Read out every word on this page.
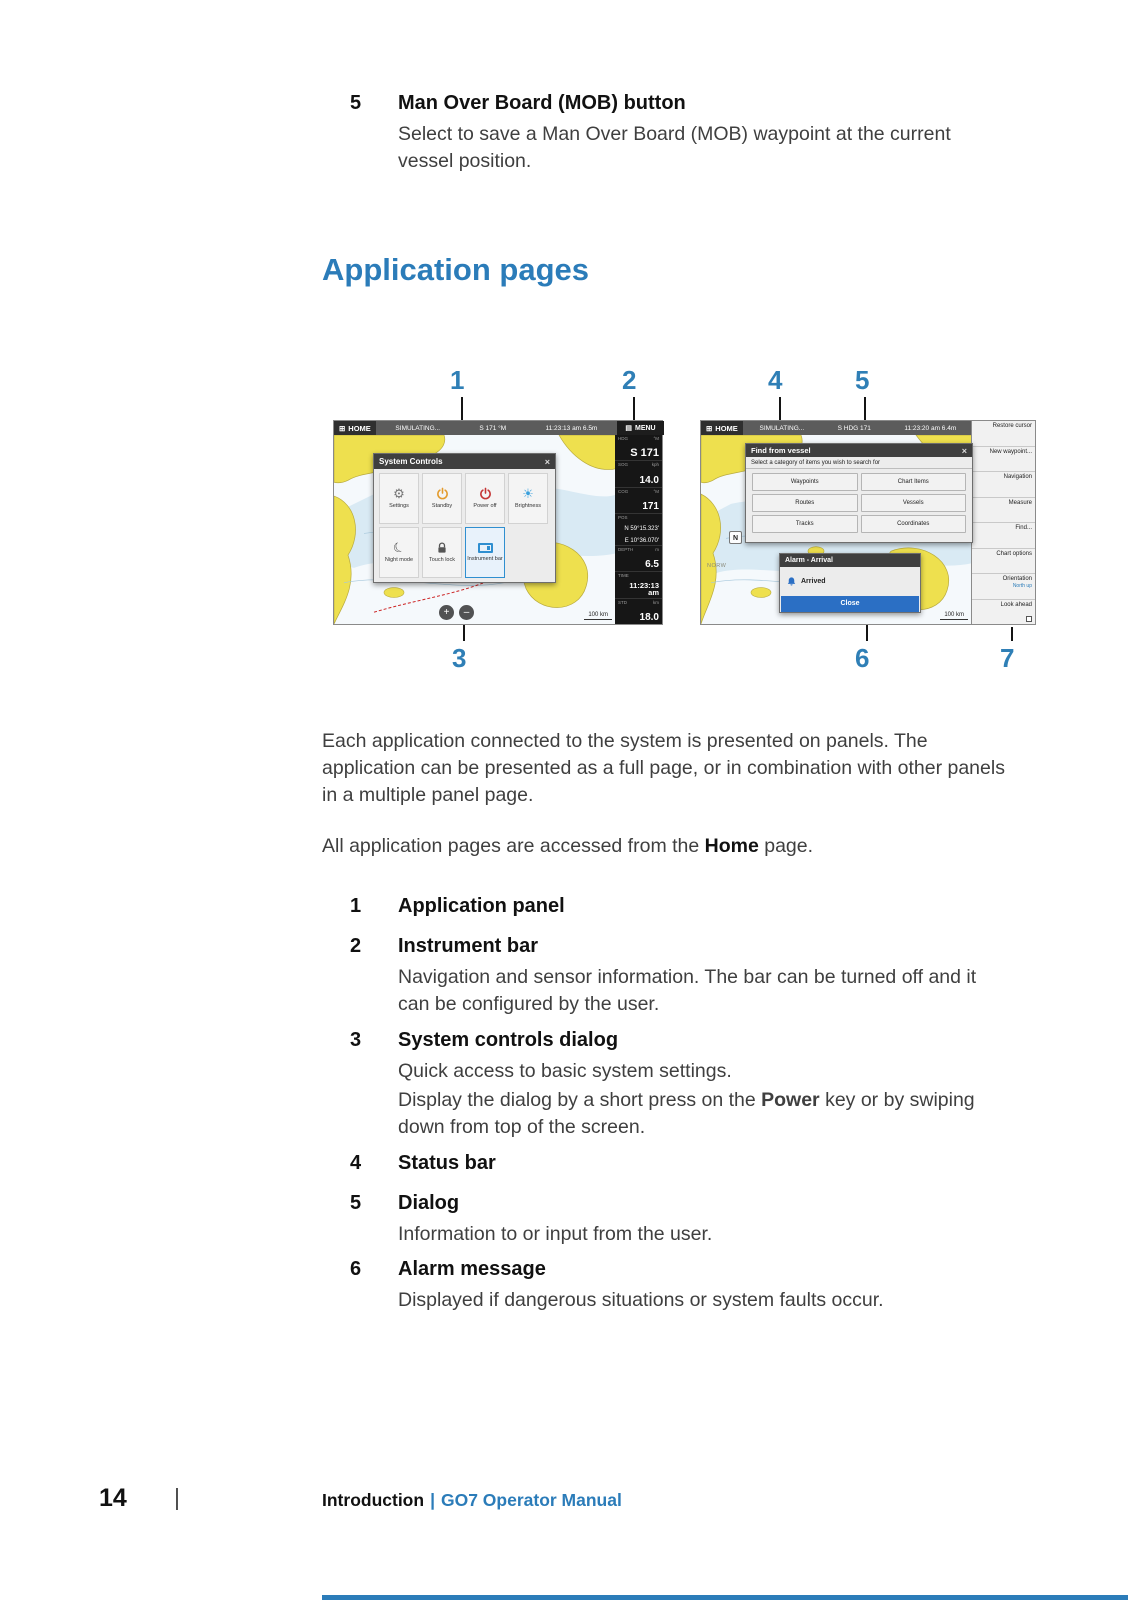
5	Man Over Board (MOB) button
Select to save a Man Over Board (MOB) waypoint at the current vessel position.
Application pages
1	2	4	5
3	6	7
⊞ HOME	SIMULATING...	S 171 °M	11:23:13 am 6.5m	▤ MENU
+	–	100 km
HDG	°M
S 171
SOG	kph
14.0
COG	°M
171
POS
N 59°15.323'
E 10°36.070'
DEPTH	m
6.5
TIME
11:23:13 am
STD	km
18.0
System Controls	×
⚙
Settings	Standby	Power off
☀
Brightness
☾
Night mode	Touch lock Instrument bar
⊞ HOME	SIMULATING...	S HDG 171	11:23:20 am 6.4m
N
NORW
100 km
Restore cursor
New waypoint...
Navigation
Measure
Find...
Chart options
Orientation
North up
Look ahead
Find from vessel	×
Select a category of items you wish to search for
Waypoints	Chart Items
Routes	Vessels
Tracks	Coordinates
Alarm - Arrival
Arrived
Close

Each application connected to the system is presented on panels. The application can be presented as a full page, or in combination with other panels in a multiple panel page.

All application pages are accessed from the Home page.

1	Application panel
2	Instrument bar
Navigation and sensor information. The bar can be turned off and it can be configured by the user.
3	System controls dialog
Quick access to basic system settings.
Display the dialog by a short press on the Power key or by swiping down from top of the screen.
4	Status bar
5	Dialog
Information to or input from the user.
6	Alarm message
Displayed if dangerous situations or system faults occur.
14 |	Introduction | GO7 Operator Manual
